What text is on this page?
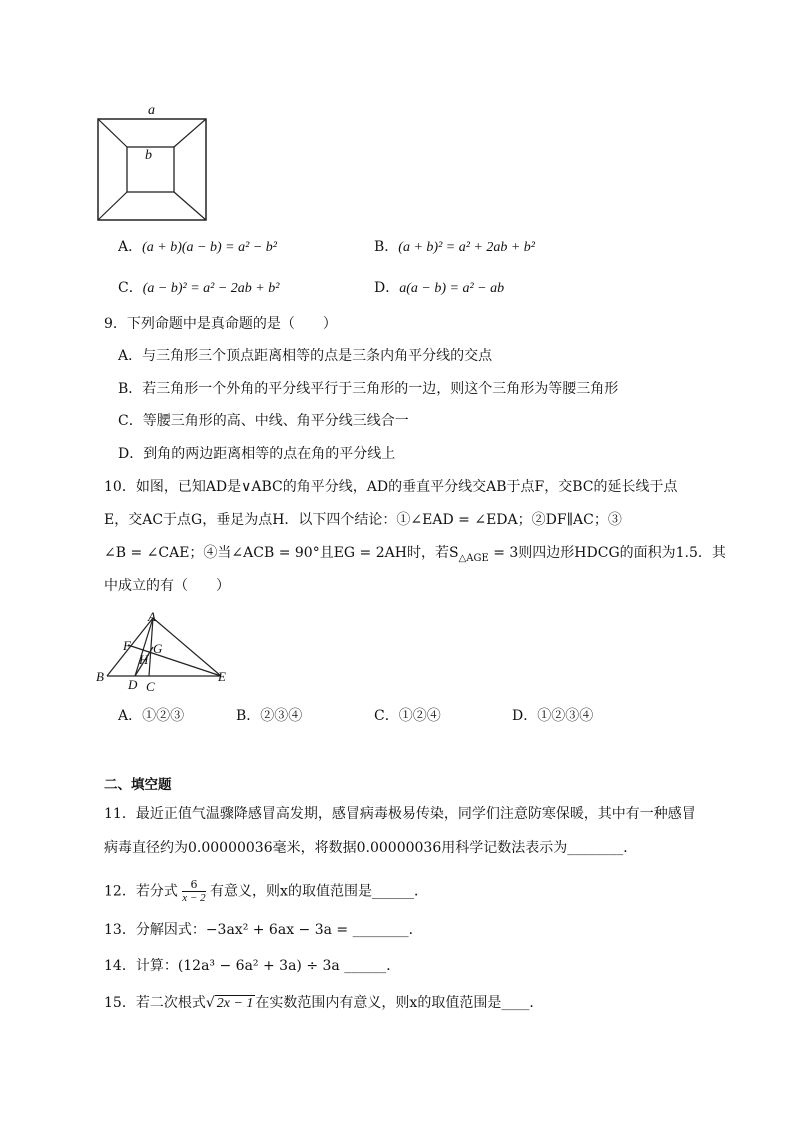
a
b
A．(a + b)(a − b) = a² − b²	B．(a + b)² = a² + 2ab + b²
C．(a − b)² = a² − 2ab + b²	D．a(a − b) = a² − ab
9．下列命题中是真命题的是（　　）
A．与三角形三个顶点距离相等的点是三条内角平分线的交点
B．若三角形一个外角的平分线平行于三角形的一边，则这个三角形为等腰三角形
C．等腰三角形的高、中线、角平分线三线合一
D．到角的两边距离相等的点在角的平分线上
10．如图，已知AD是∨ABC的角平分线，AD的垂直平分线交AB于点F，交BC的延长线于点
E，交AC于点G，垂足为点H．以下四个结论：①∠EAD = ∠EDA；②DF∥AC；③
∠B = ∠CAE；④当∠ACB = 90°且EG = 2AH时，若$S_{\triangle AGE} = 3$则四边形HDCG的面积为1.5．其
中成立的有（　　）
A
F G
H
B
D C
E
A．①②③	B．②③④	C．①②④	D．①②③④
二、填空题
11．最近正值气温骤降感冒高发期，感冒病毒极易传染，同学们注意防寒保暖，其中有一种感冒
病毒直径约为0.00000036毫米，将数据0.00000036用科学记数法表示为________．
12．若分式 $\frac{6}{x - 2}$ 有意义，则x的取值范围是______．
13．分解因式：−3ax² + 6ax − 3a = ________．
14．计算：(12a³ − 6a² + 3a) ÷ 3a ______．
15．若二次根式√ 2x − 1 在实数范围内有意义，则x的取值范围是____．
